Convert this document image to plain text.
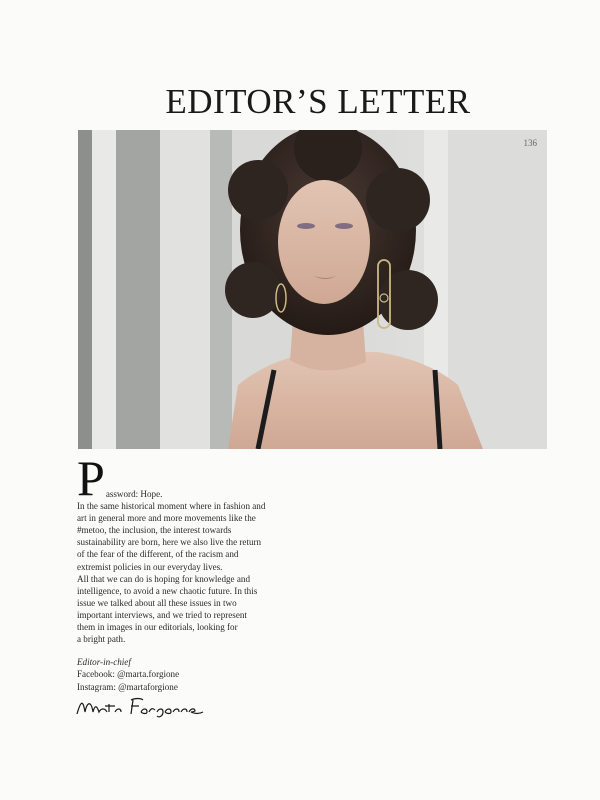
EDITOR’S LETTER
136
P assword: Hope.

In the same historical moment where in fashion and

art in general more and more movements like the

#metoo, the inclusion, the interest towards

sustainability are born, here we also live the return

of the fear of the different, of the racism and

extremist policies in our everyday lives.

All that we can do is hoping for knowledge and

intelligence, to avoid a new chaotic future. In this

issue we talked about all these issues in two

important interviews, and we tried to represent

them in images in our editorials, looking for

a bright path.

Editor-in-chief
Facebook: @marta.forgione
Instagram: @martaforgione
